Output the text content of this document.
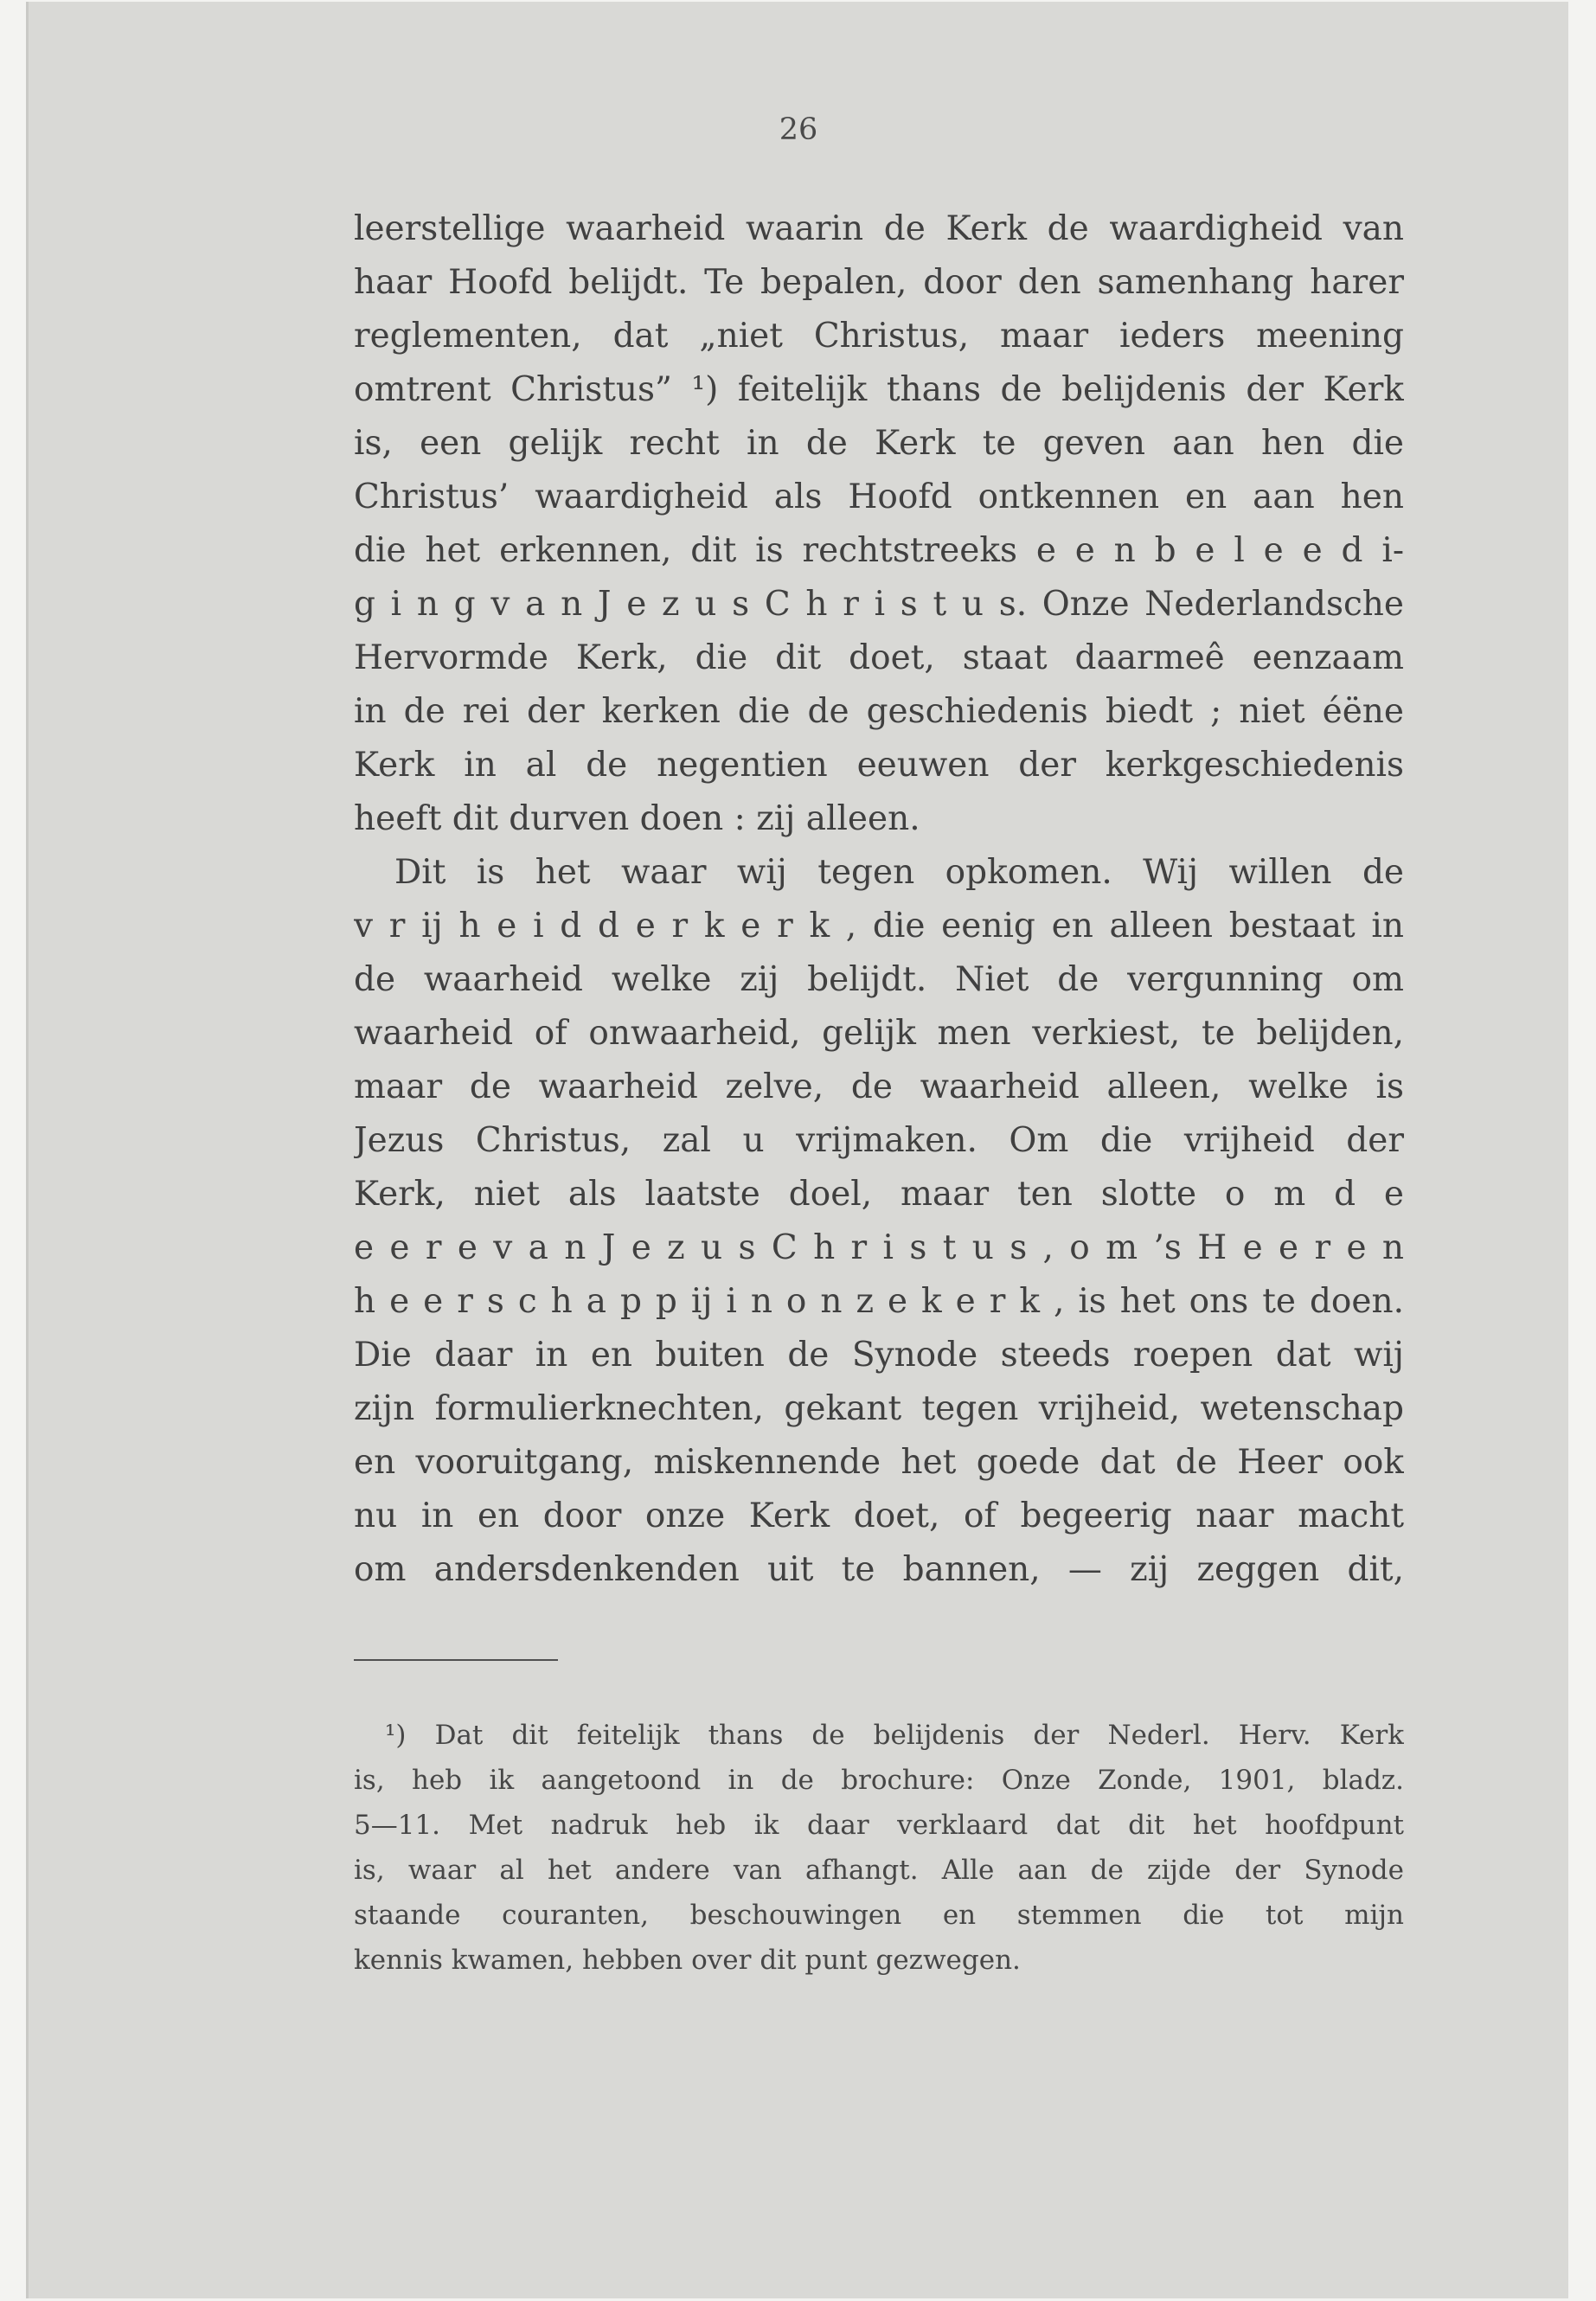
26
leerstellige waarheid waarin de Kerk de waardigheid van
haar Hoofd belijdt. Te bepalen, door den samenhang harer
reglementen, dat „niet Christus, maar ieders meening
omtrent Christus” ¹) feitelijk thans de belijdenis der Kerk
is, een gelijk recht in de Kerk te geven aan hen die
Christus’ waardigheid als Hoofd ontkennen en aan hen
die het erkennen, dit is rechtstreeks e e n b e l e e d i-
g i n g v a n J e z u s C h r i s t u s. Onze Nederlandsche
Hervormde Kerk, die dit doet, staat daarmeê eenzaam
in de rei der kerken die de geschiedenis biedt ; niet éëne
Kerk in al de negentien eeuwen der kerkgeschiedenis
heeft dit durven doen : zij alleen.
Dit is het waar wij tegen opkomen. Wij willen de
v r ij h e i d d e r k e r k , die eenig en alleen bestaat in
de waarheid welke zij belijdt. Niet de vergunning om
waarheid of onwaarheid, gelijk men verkiest, te belijden,
maar de waarheid zelve, de waarheid alleen, welke is
Jezus Christus, zal u vrijmaken. Om die vrijheid der
Kerk, niet als laatste doel, maar ten slotte o m d e
e e r e v a n J e z u s C h r i s t u s , o m ’s H e e r e n
h e e r s c h a p p ij i n o n z e k e r k , is het ons te doen.
Die daar in en buiten de Synode steeds roepen dat wij
zijn formulierknechten, gekant tegen vrijheid, wetenschap
en vooruitgang, miskennende het goede dat de Heer ook
nu in en door onze Kerk doet, of begeerig naar macht
om andersdenkenden uit te bannen, — zij zeggen dit,
¹) Dat dit feitelijk thans de belijdenis der Nederl. Herv. Kerk
is, heb ik aangetoond in de brochure: Onze Zonde, 1901, bladz.
5—11. Met nadruk heb ik daar verklaard dat dit het hoofdpunt
is, waar al het andere van afhangt. Alle aan de zijde der Synode
staande couranten, beschouwingen en stemmen die tot mijn
kennis kwamen, hebben over dit punt gezwegen.
